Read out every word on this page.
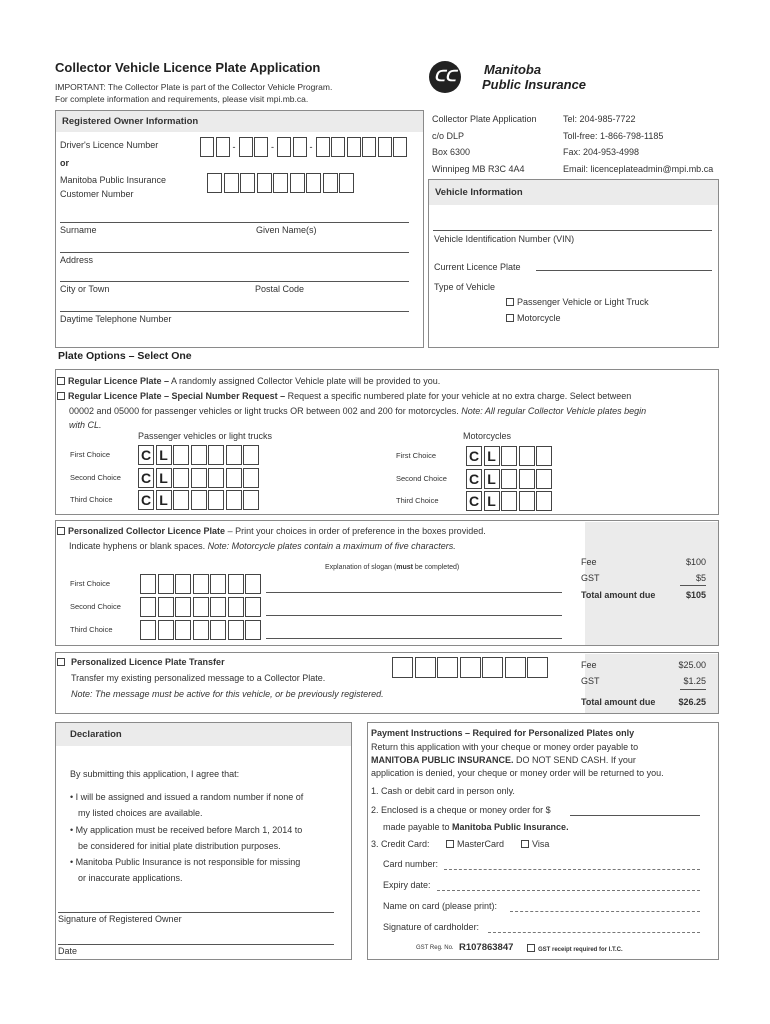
Collector Vehicle Licence Plate Application
IMPORTANT: The Collector Plate is part of the Collector Vehicle Program.
For complete information and requirements, please visit mpi.mb.ca.
ᑕᑕ	Manitoba
Public Insurance
Collector Plate Application
c/o DLP
Box 6300
Winnipeg MB R3C 4A4
Tel: 204-985-7722
Toll-free: 1-866-798-1185
Fax: 204-953-4998
Email: licenceplateadmin@mpi.mb.ca
Registered Owner Information
Driver's Licence Number	-	-	-
or
Manitoba Public Insurance
Customer Number
Surname	Given Name(s)
Address
City or Town	Postal Code
Daytime Telephone Number
Vehicle Information
Vehicle Identification Number (VIN)
Current Licence Plate
Type of Vehicle
Passenger Vehicle or Light Truck
Motorcycle
Plate Options – Select One
Regular Licence Plate – A randomly assigned Collector Vehicle plate will be provided to you.
Regular Licence Plate – Special Number Request – Request a specific numbered plate for your vehicle at no extra charge. Select between
00002 and 05000 for passenger vehicles or light trucks OR between 002 and 200 for motorcycles. Note: All regular Collector Vehicle plates begin
with CL.
Passenger vehicles or light trucks	Motorcycles
First Choice C L	First Choice C L
Second Choice C L	Second Choice C L
Third Choice C L	Third Choice C L
Personalized Collector Licence Plate – Print your choices in order of preference in the boxes provided.
Indicate hyphens or blank spaces. Note: Motorcycle plates contain a maximum of five characters.
Explanation of slogan (must be completed)
First Choice
Second Choice
Third Choice
Fee	$100
GST	$5
Total amount due	$105
Personalized Licence Plate Transfer
Transfer my existing personalized message to a Collector Plate.
Note: The message must be active for this vehicle, or be previously registered.
Fee	$25.00
GST	$1.25
Total amount due	$26.25
Declaration
By submitting this application, I agree that:
• I will be assigned and issued a random number if none of
my listed choices are available.
• My application must be received before March 1, 2014 to
be considered for initial plate distribution purposes.
• Manitoba Public Insurance is not responsible for missing
or inaccurate applications.
Signature of Registered Owner
Date
Payment Instructions – Required for Personalized Plates only
Return this application with your cheque or money order payable to
MANITOBA PUBLIC INSURANCE. DO NOT SEND CASH. If your
application is denied, your cheque or money order will be returned to you.
1. Cash or debit card in person only.
2. Enclosed is a cheque or money order for $
made payable to Manitoba Public Insurance.
3. Credit Card:	MasterCard	Visa
Card number:
Expiry date:
Name on card (please print):
Signature of cardholder:
GST Reg. No. R107863847	GST receipt required for I.T.C.
